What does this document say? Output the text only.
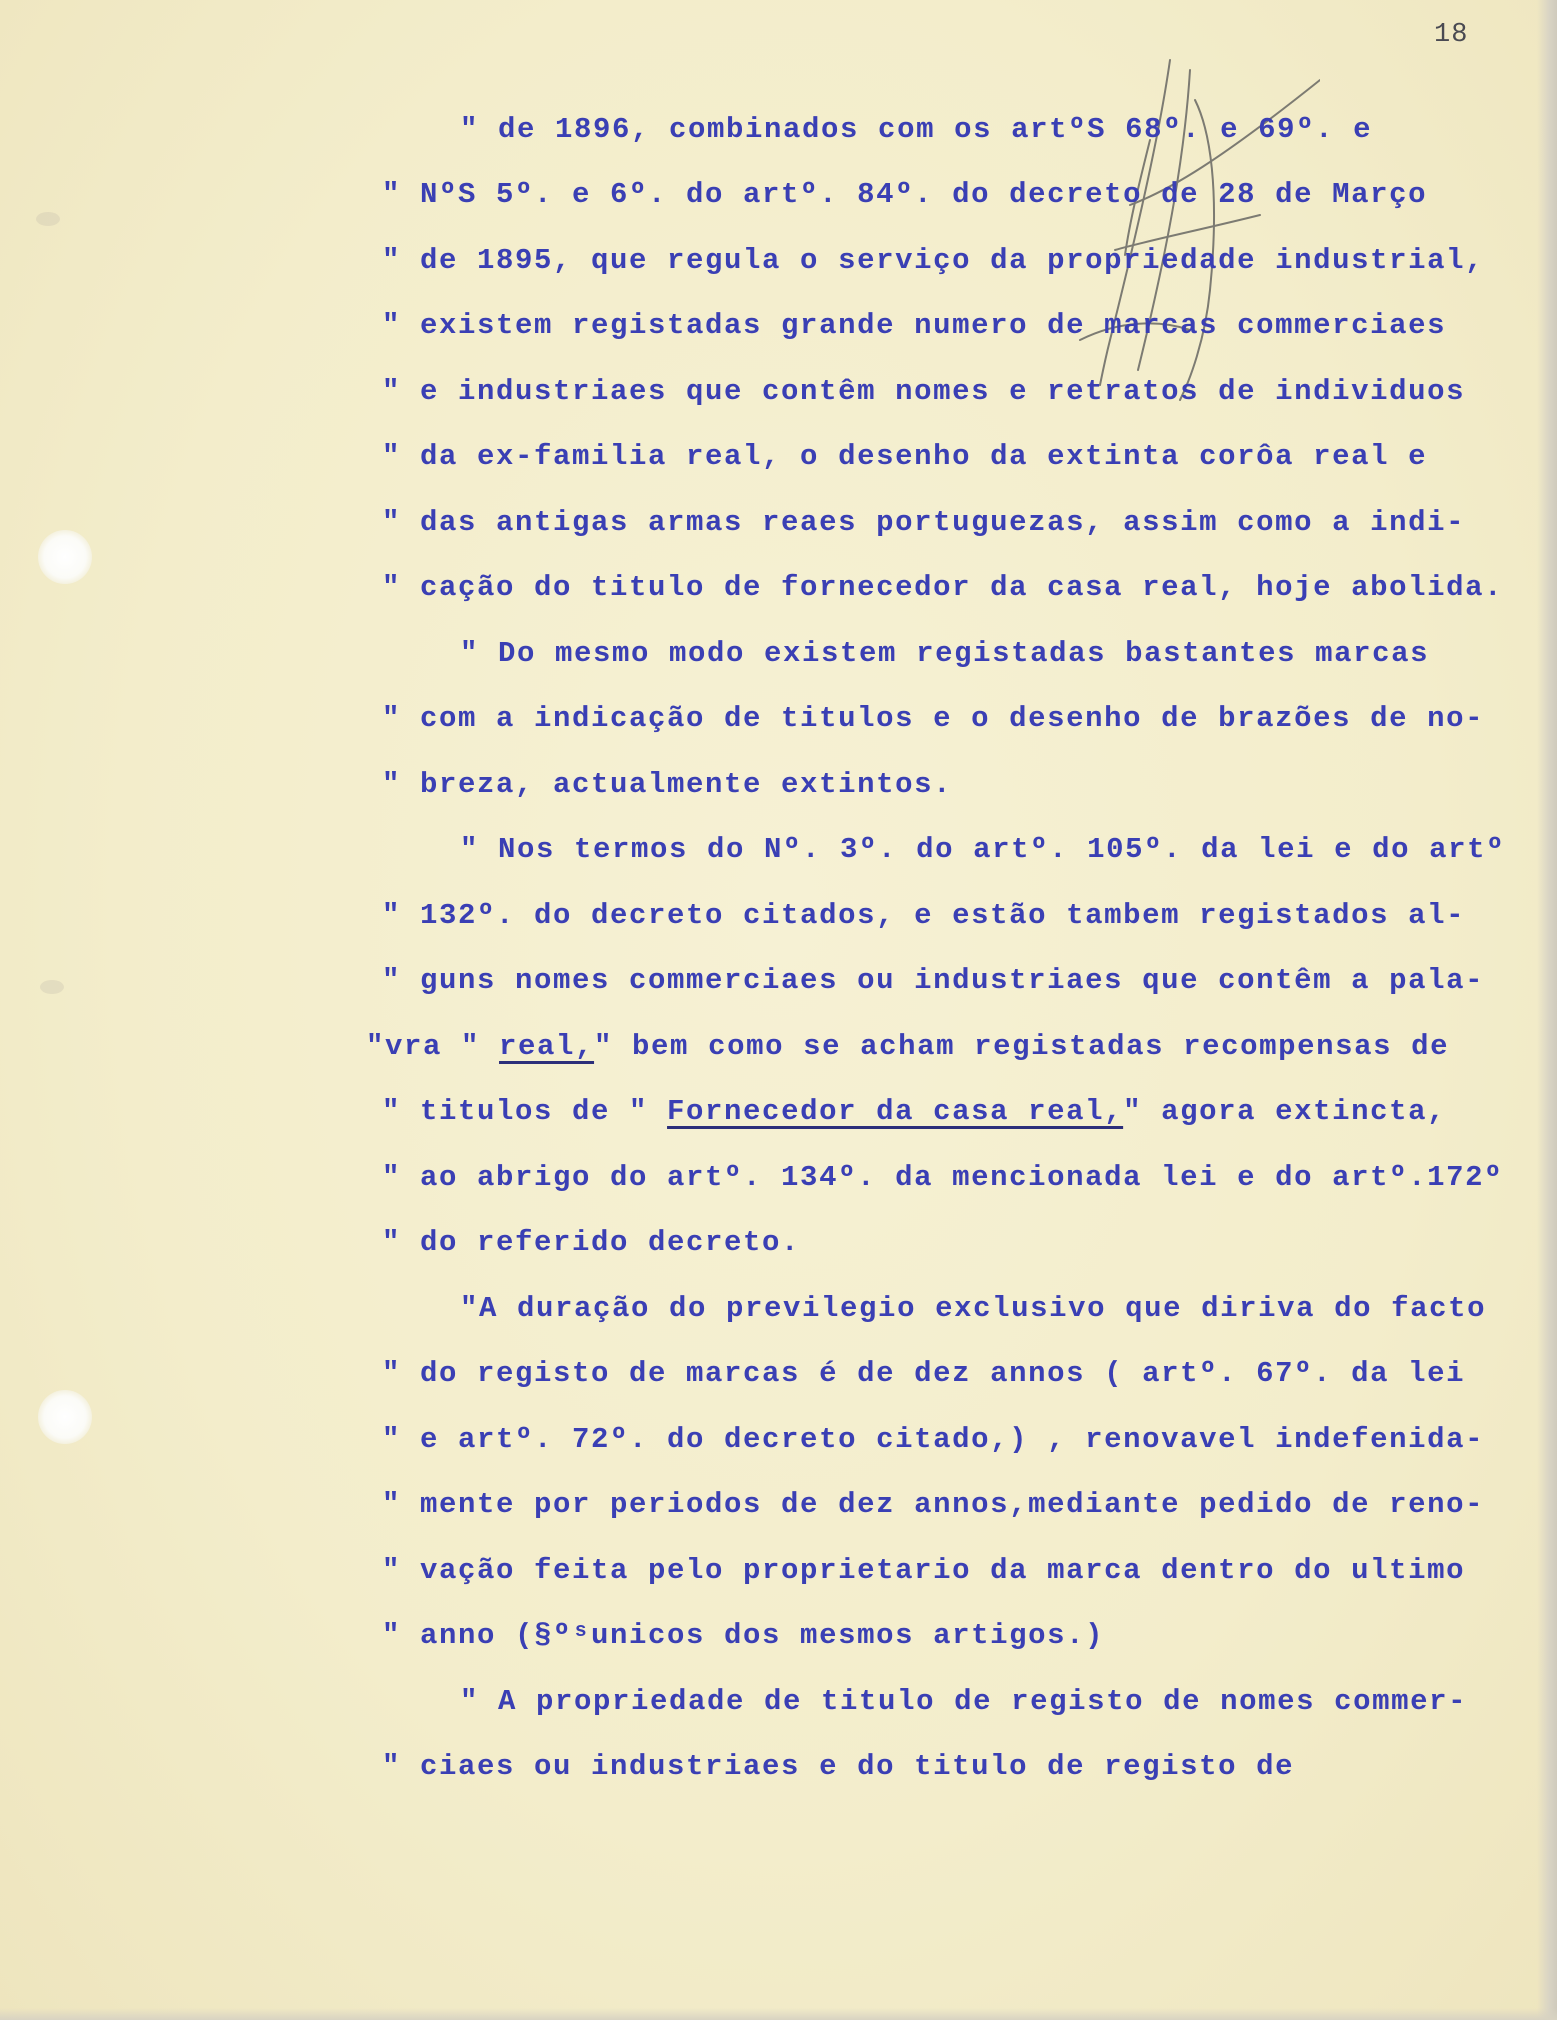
18
" de 1896, combinados com os artºS 68º. e 69º. e
" NºS 5º. e 6º. do artº. 84º. do decreto de 28 de Março
" de 1895, que regula o serviço da propriedade industrial,
" existem registadas grande numero de marcas commerciaes
" e industriaes que contêm nomes e retratos de individuos
" da ex-familia real, o desenho da extinta corôa real e
" das antigas armas reaes portuguezas, assim como a indi-
" cação do titulo de fornecedor da casa real, hoje abolida.
" Do mesmo modo existem registadas bastantes marcas
" com a indicação de titulos e o desenho de brazões de no-
" breza, actualmente extintos.
" Nos termos do Nº. 3º. do artº. 105º. da lei e do artº
" 132º. do decreto citados, e estão tambem registados al-
" guns nomes commerciaes ou industriaes que contêm a pala-
"vra " real," bem como se acham registadas recompensas de
" titulos de " Fornecedor da casa real," agora extincta,
" ao abrigo do artº. 134º. da mencionada lei e do artº.172º
" do referido decreto.
"A duração do previlegio exclusivo que diriva do facto
" do registo de marcas é de dez annos ( artº. 67º. da lei
" e artº. 72º. do decreto citado,) , renovavel indefenida-
" mente por periodos de dez annos,mediante pedido de reno-
" vação feita pelo proprietario da marca dentro do ultimo
" anno (§ºˢunicos dos mesmos artigos.)
" A propriedade de titulo de registo de nomes commer-
" ciaes ou industriaes e do titulo de registo de
